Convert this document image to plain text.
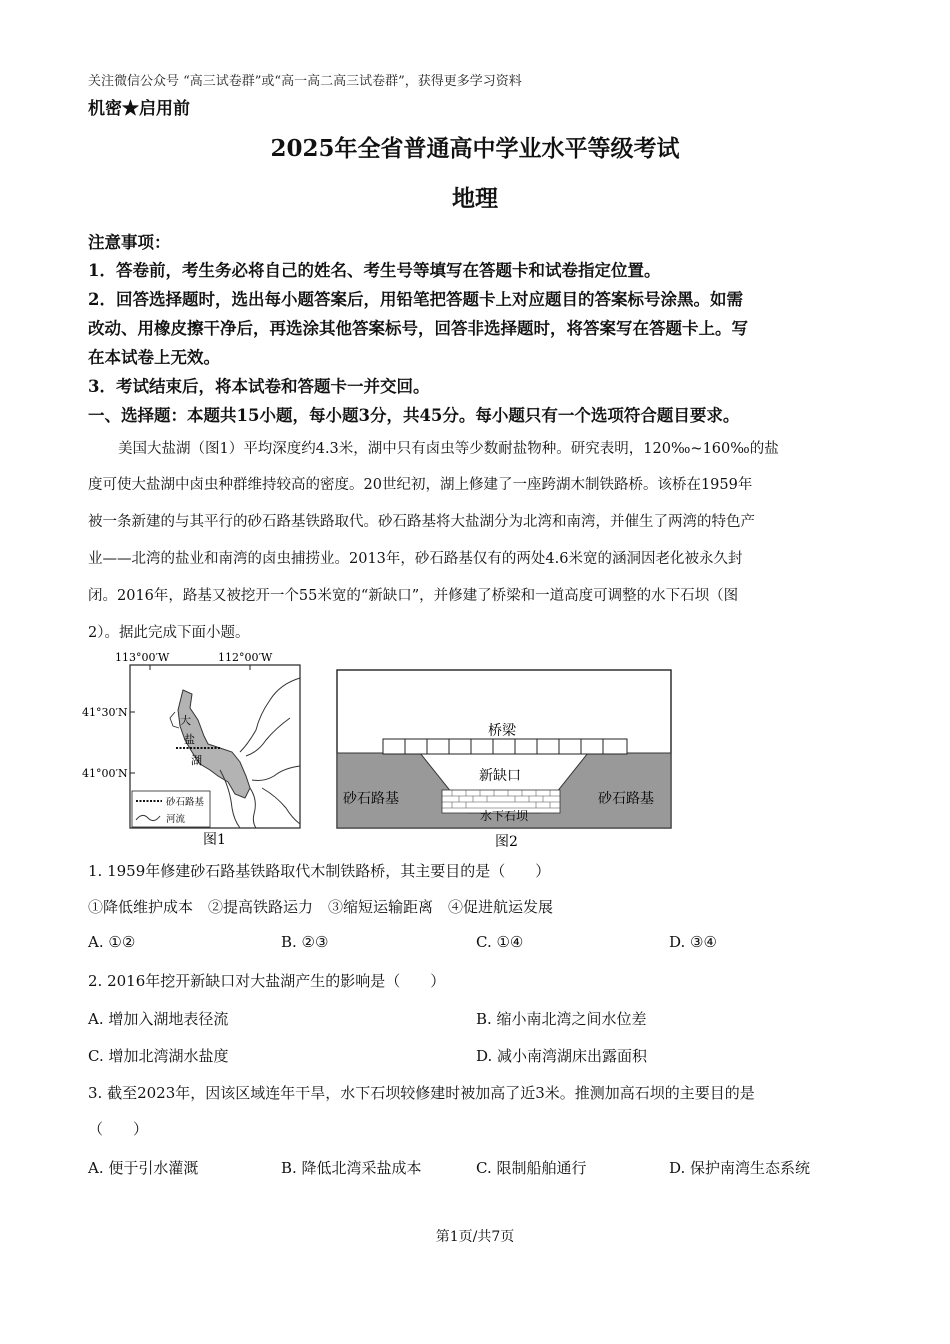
关注微信公众号 “高三试卷群”或“高一高二高三试卷群”，获得更多学习资料
机密★启用前
2025年全省普通高中学业水平等级考试
地理
注意事项：
1．答卷前，考生务必将自己的姓名、考生号等填写在答题卡和试卷指定位置。
2．回答选择题时，选出每小题答案后，用铅笔把答题卡上对应题目的答案标号涂黑。如需
改动、用橡皮擦干净后，再选涂其他答案标号，回答非选择题时，将答案写在答题卡上。写
在本试卷上无效。
3．考试结束后，将本试卷和答题卡一并交回。
一、选择题：本题共15小题，每小题3分，共45分。每小题只有一个选项符合题目要求。
美国大盐湖（图1）平均深度约4.3米，湖中只有卤虫等少数耐盐物种。研究表明，120‰~160‰的盐
度可使大盐湖中卤虫种群维持较高的密度。20世纪初，湖上修建了一座跨湖木制铁路桥。该桥在1959年
被一条新建的与其平行的砂石路基铁路取代。砂石路基将大盐湖分为北湾和南湾，并催生了两湾的特色产
业——北湾的盐业和南湾的卤虫捕捞业。2013年，砂石路基仅有的两处4.6米宽的涵洞因老化被永久封
闭。2016年，路基又被挖开一个55米宽的“新缺口”，并修建了桥梁和一道高度可调整的水下石坝（图
2）。据此完成下面小题。
113°00′W	112°00′W
41°30′N
41°00′N
大
盐
湖
砂石路基
河流
图1
桥梁
新缺口
砂石路基	砂石路基
水下石坝
图2
1. 1959年修建砂石路基铁路取代木制铁路桥，其主要目的是（　　）
①降低维护成本　②提高铁路运力　③缩短运输距离　④促进航运发展
A. ①②	B. ②③	C. ①④	D. ③④
2. 2016年挖开新缺口对大盐湖产生的影响是（　　）
A. 增加入湖地表径流	B. 缩小南北湾之间水位差
C. 增加北湾湖水盐度	D. 减小南湾湖床出露面积
3. 截至2023年，因该区域连年干旱，水下石坝较修建时被加高了近3米。推测加高石坝的主要目的是
（　　）
A. 便于引水灌溉	B. 降低北湾采盐成本	C. 限制船舶通行	D. 保护南湾生态系统
第1页/共7页
